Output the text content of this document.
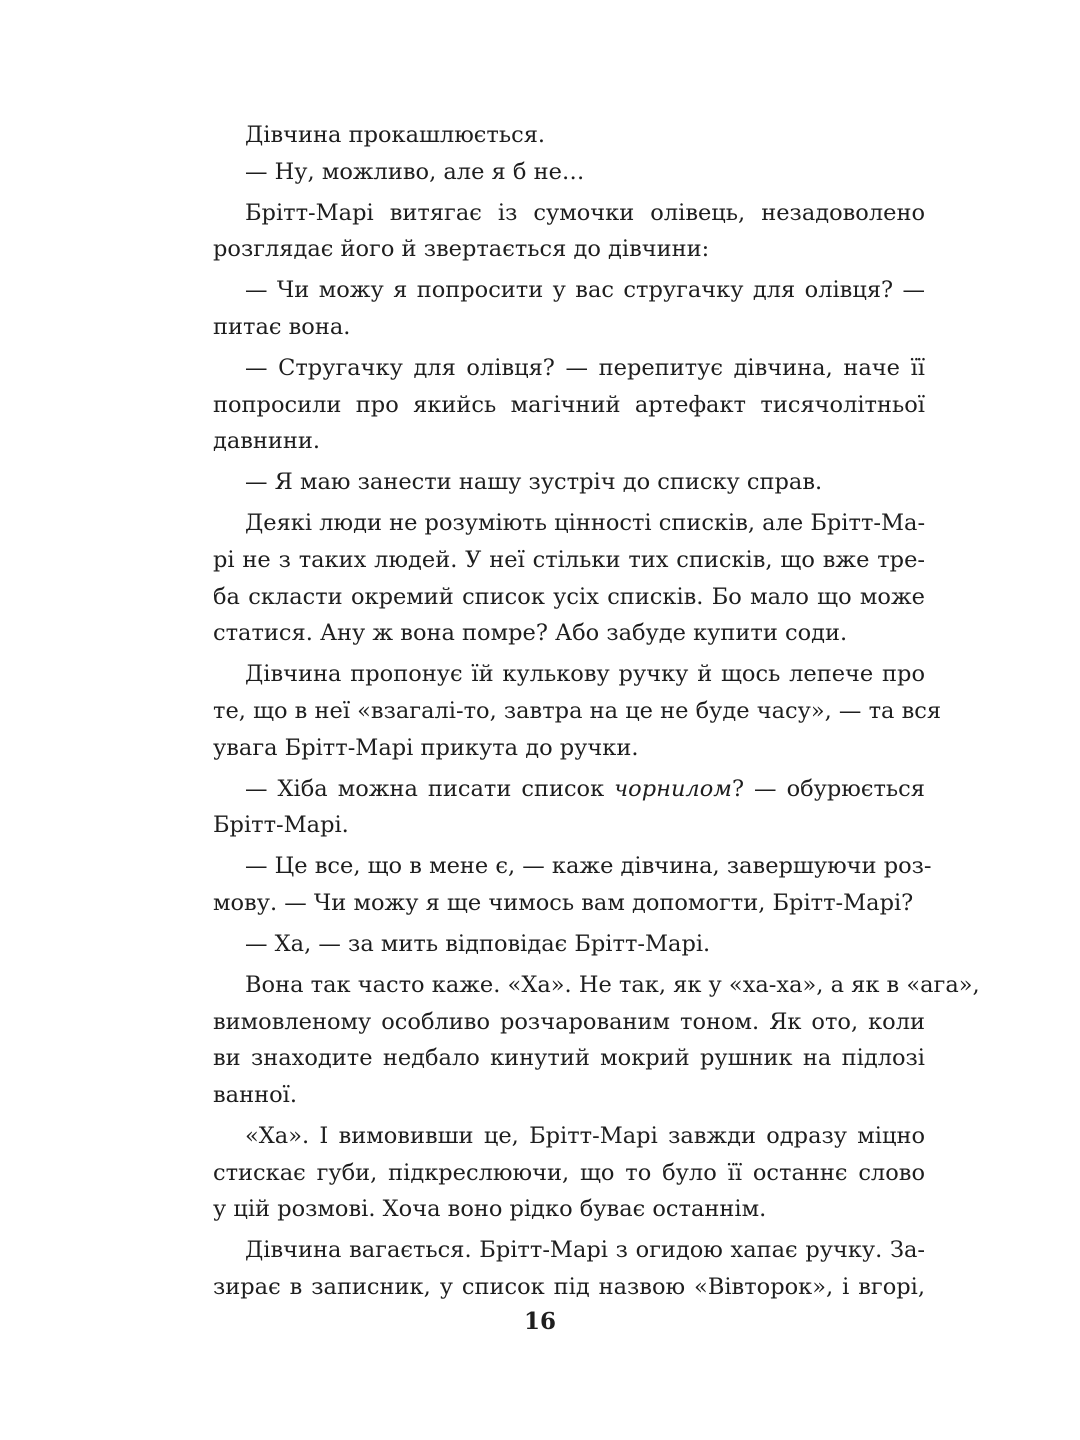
Дівчина прокашлюється.
— Ну, можливо, але я б не…
Брітт-Марі витягає із сумочки олівець, незадоволено
розглядає його й звертається до дівчини:
— Чи можу я попросити у вас стругачку для олівця? —
питає вона.
— Стругачку для олівця? — перепитує дівчина, наче її
попросили про якийсь магічний артефакт тисячолітньої
давнини.
— Я маю занести нашу зустріч до списку справ.
Деякі люди не розуміють цінності списків, але Брітт-Ма-
рі не з таких людей. У неї стільки тих списків, що вже тре-
ба скласти окремий список усіх списків. Бо мало що може
статися. Ану ж вона помре? Або забуде купити соди.
Дівчина пропонує їй кулькову ручку й щось лепече про
те, що в неї «взагалі-то, завтра на це не буде часу», — та вся
увага Брітт-Марі прикута до ручки.
— Хіба можна писати список чорнилом? — обурюється
Брітт-Марі.
— Це все, що в мене є, — каже дівчина, завершуючи роз-
мову. — Чи можу я ще чимось вам допомогти, Брітт-Марі?
— Ха, — за мить відповідає Брітт-Марі.
Вона так часто каже. «Ха». Не так, як у «ха-ха», а як в «ага»,
вимовленому особливо розчарованим тоном. Як ото, коли
ви знаходите недбало кинутий мокрий рушник на підлозі
ванної.
«Ха». І вимовивши це, Брітт-Марі завжди одразу міцно
стискає губи, підкреслюючи, що то було її останнє слово
у цій розмові. Хоча воно рідко буває останнім.
Дівчина вагається. Брітт-Марі з огидою хапає ручку. За-
зирає в записник, у список під назвою «Вівторок», і вгорі,
16
